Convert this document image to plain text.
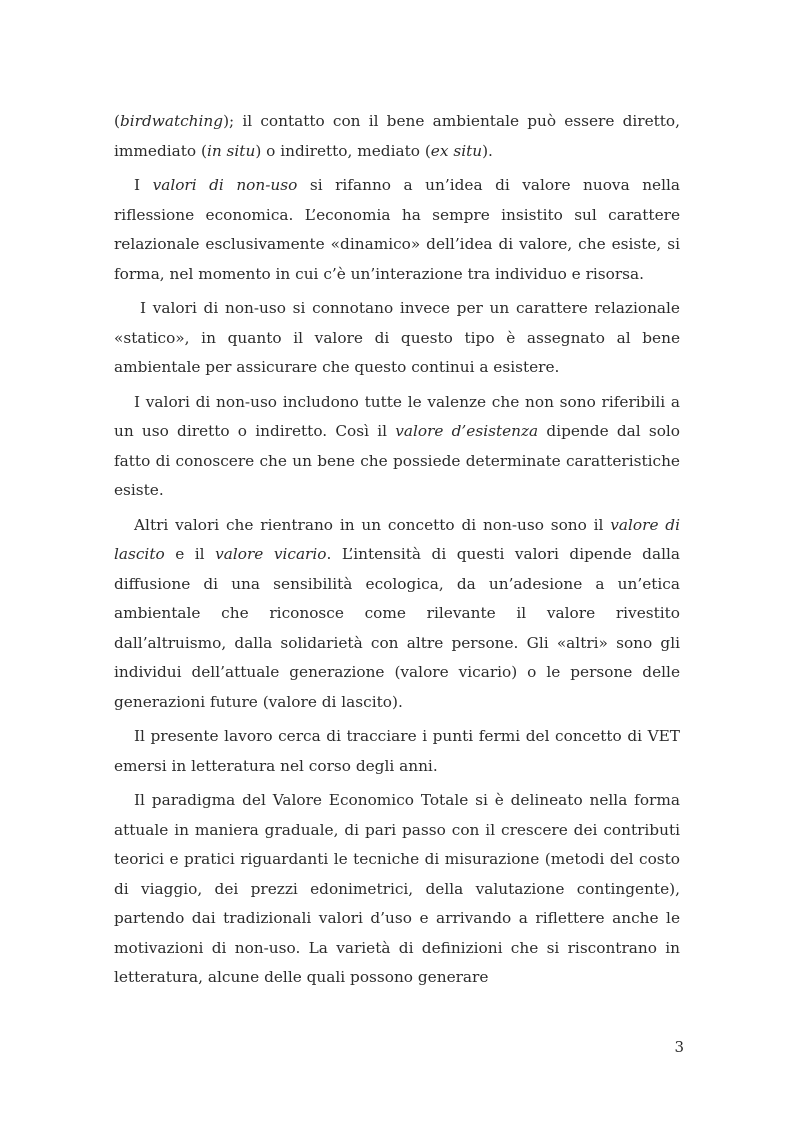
(birdwatching); il contatto con il bene ambientale può essere diretto, immediato (in situ) o indiretto, mediato (ex situ).

I valori di non-uso si rifanno a un’idea di valore nuova nella riflessione economica. L’economia ha sempre insistito sul carattere relazionale esclusivamente «dinamico» dell’idea di valore, che esiste, si forma, nel momento in cui c’è un’interazione tra individuo e risorsa.

I valori di non-uso si connotano invece per un carattere relazionale «statico», in quanto il valore di questo tipo è assegnato al bene ambientale per assicurare che questo continui a esistere.

I valori di non-uso includono tutte le valenze che non sono riferibili a un uso diretto o indiretto. Così il valore d’esistenza dipende dal solo fatto di conoscere che un bene che possiede determinate caratteristiche esiste.

Altri valori che rientrano in un concetto di non-uso sono il valore di lascito e il valore vicario. L’intensità di questi valori dipende dalla diffusione di una sensibilità ecologica, da un’adesione a un’etica ambientale che riconosce come rilevante il valore rivestito dall’altruismo, dalla solidarietà con altre persone. Gli «altri» sono gli individui dell’attuale generazione (valore vicario) o le persone delle generazioni future (valore di lascito).

Il presente lavoro cerca di tracciare i punti fermi del concetto di VET emersi in letteratura nel corso degli anni.

Il paradigma del Valore Economico Totale si è delineato nella forma attuale in maniera graduale, di pari passo con il crescere dei contributi teorici e pratici riguardanti le tecniche di misurazione (metodi del costo di viaggio, dei prezzi edonimetrici, della valutazione contingente), partendo dai tradizionali valori d’uso e arrivando a riflettere anche le motivazioni di non-uso. La varietà di definizioni che si riscontrano in letteratura, alcune delle quali possono generare

3
